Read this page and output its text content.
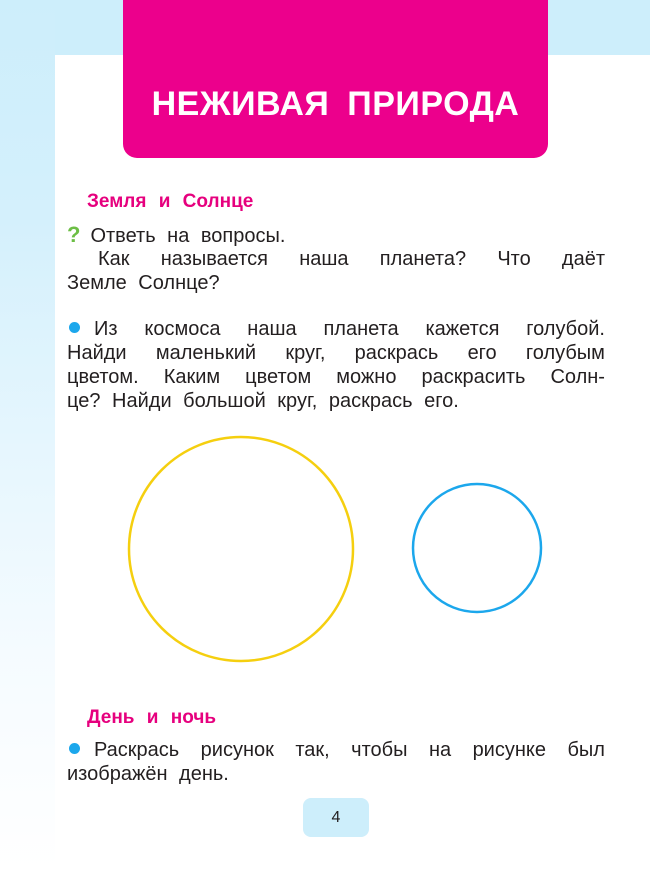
НЕЖИВАЯ ПРИРОДА
Земля и Солнце
? Ответь на вопросы.
Как называется наша планета? Что даёт
Земле Солнце?
Из космоса наша планета кажется голубой.
Найди маленький круг, раскрась его голубым
цветом. Каким цветом можно раскрасить Солн-
це? Найди большой круг, раскрась его.
День и ночь
Раскрась рисунок так, чтобы на рисунке был
изображён день.
4
